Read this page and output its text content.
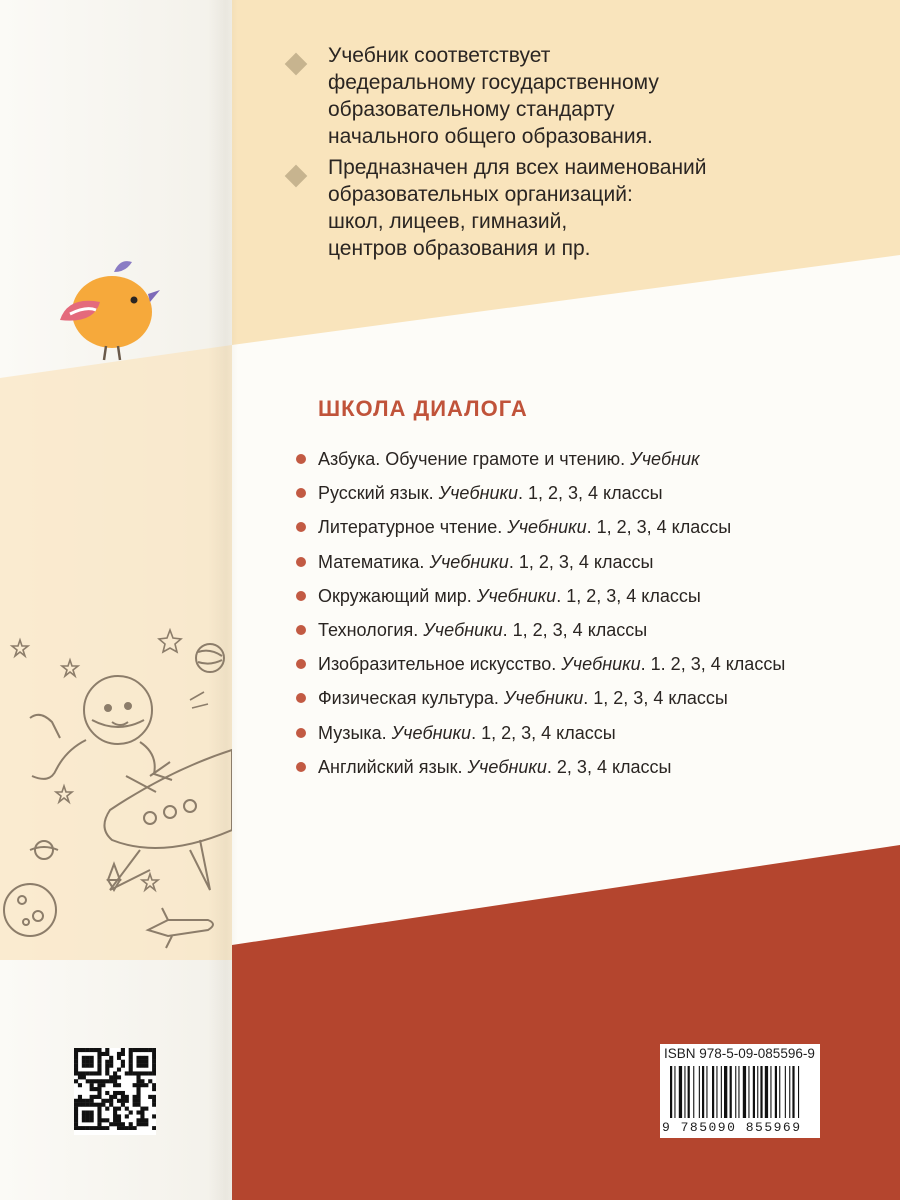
Учебник соответствует
федеральному государственному
образовательному стандарту
начального общего образования.
Предназначен для всех наименований
образовательных организаций:
школ, лицеев, гимназий,
центров образования и пр.
ШКОЛА ДИАЛОГА
Азбука. Обучение грамоте и чтению. Учебник
Русский язык. Учебники. 1, 2, 3, 4 классы
Литературное чтение. Учебники. 1, 2, 3, 4 классы
Математика. Учебники. 1, 2, 3, 4 классы
Окружающий мир. Учебники. 1, 2, 3, 4 классы
Технология. Учебники. 1, 2, 3, 4 классы
Изобразительное искусство. Учебники. 1. 2, 3, 4 классы
Физическая культура. Учебники. 1, 2, 3, 4 классы
Музыка. Учебники. 1, 2, 3, 4 классы
Английский язык. Учебники. 2, 3, 4 классы
ISBN 978-5-09-085596-9
9 785090 855969
